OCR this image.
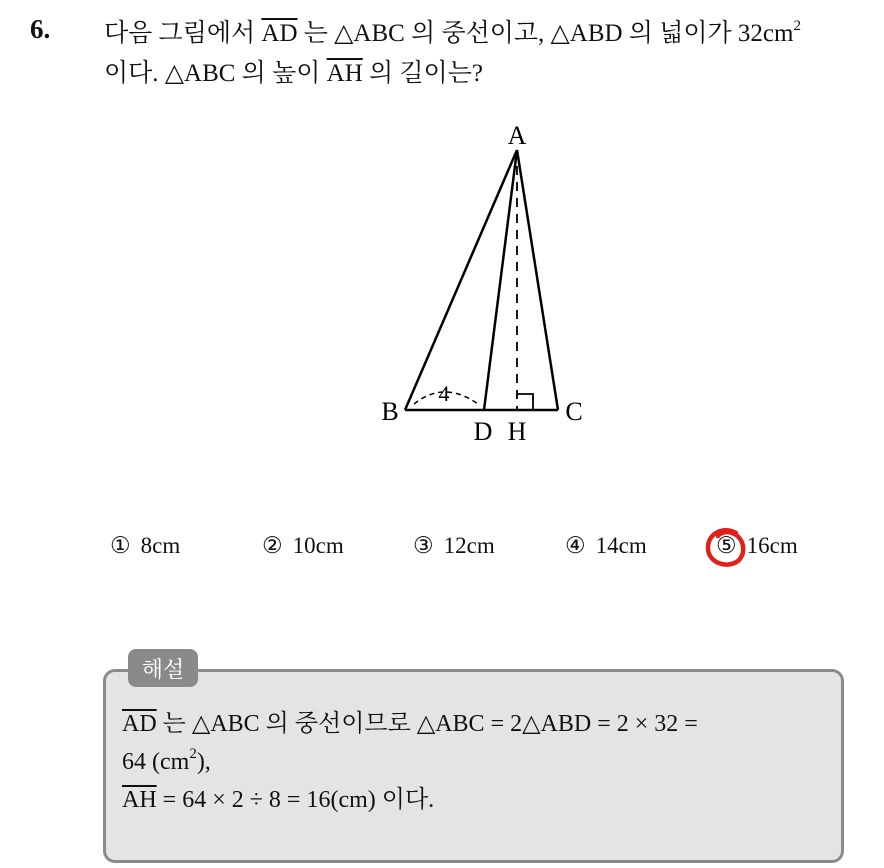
6. 다음 그림에서 $\overline{AD}$ 는 △ABC 의 중선이고, △ABD 의 넓이가 $32cm^2$
이다. △ABC 의 높이 $\overline{AH}$ 의 길이는?
4
A
B	C
D H
① 8cm	② 10cm	③ 12cm	④ 14cm	⑤ 16cm
해설
$\overline{AD}$ 는 △ABC 의 중선이므로 △ABC = 2△ABD = 2 × 32 =
64 $(cm^2)$,
$\overline{AH} = 64 \times 2 \div 8 = 16(cm)$ 이다.
